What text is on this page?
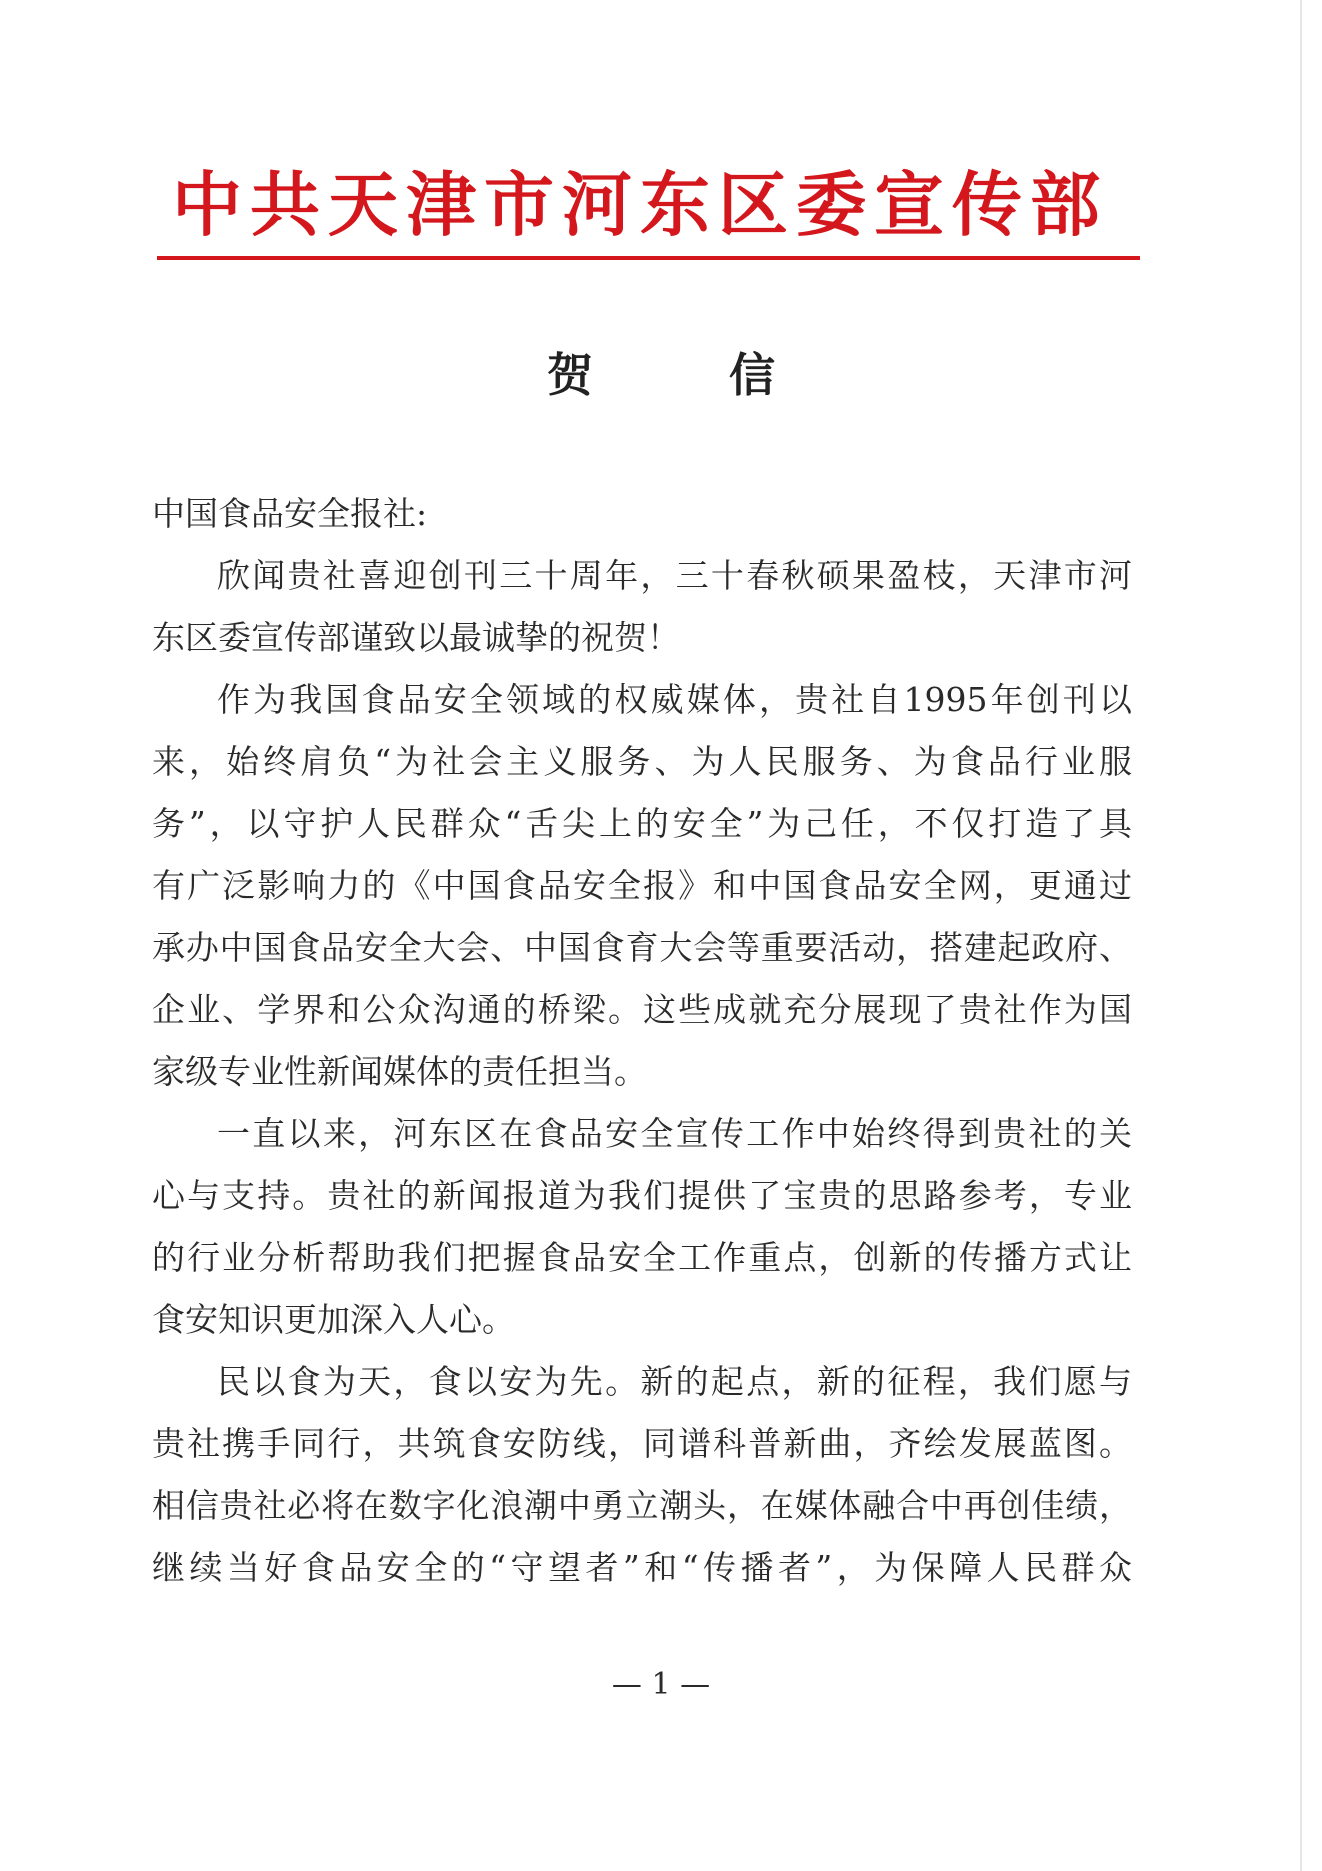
中共天津市河东区委宣传部
贺 信
中国食品安全报社:
欣闻贵社喜迎创刊三十周年，三十春秋硕果盈枝，天津市河
东区委宣传部谨致以最诚挚的祝贺！
作为我国食品安全领域的权威媒体，贵社自1995年创刊以
来，始终肩负“为社会主义服务、为人民服务、为食品行业服
务”，以守护人民群众“舌尖上的安全”为己任，不仅打造了具
有广泛影响力的《中国食品安全报》和中国食品安全网，更通过
承办中国食品安全大会、中国食育大会等重要活动，搭建起政府、
企业、学界和公众沟通的桥梁。这些成就充分展现了贵社作为国
家级专业性新闻媒体的责任担当。
一直以来，河东区在食品安全宣传工作中始终得到贵社的关
心与支持。贵社的新闻报道为我们提供了宝贵的思路参考，专业
的行业分析帮助我们把握食品安全工作重点，创新的传播方式让
食安知识更加深入人心。
民以食为天，食以安为先。新的起点，新的征程，我们愿与
贵社携手同行，共筑食安防线，同谱科普新曲，齐绘发展蓝图。
相信贵社必将在数字化浪潮中勇立潮头，在媒体融合中再创佳绩，
继续当好食品安全的“守望者”和“传播者”，为保障人民群众
— 1 —
